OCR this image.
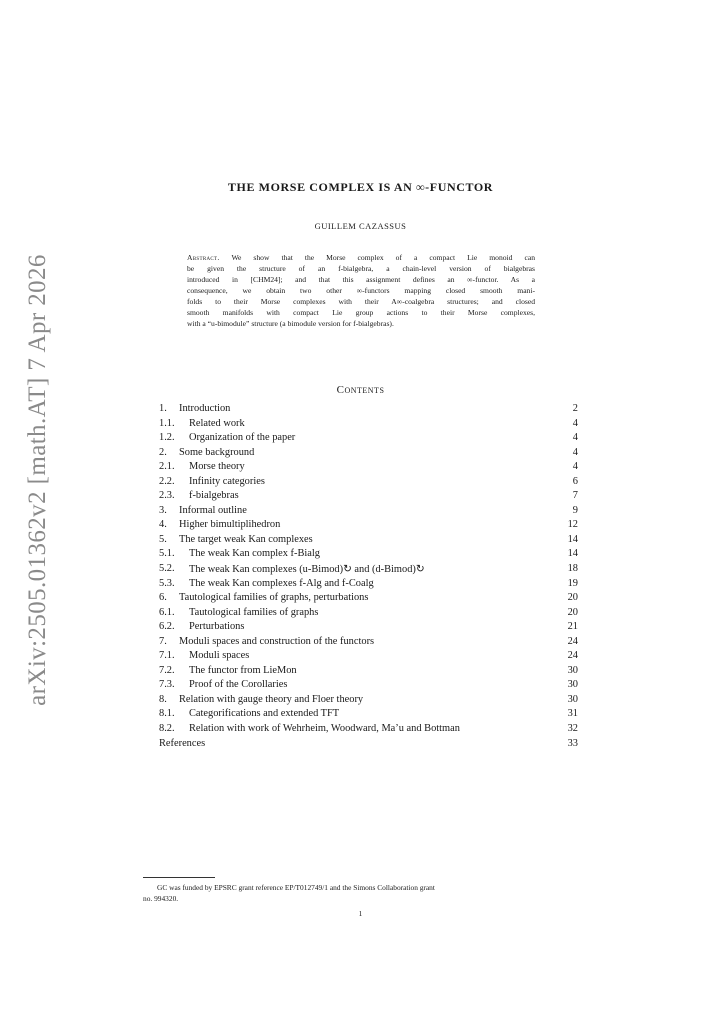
arXiv:2505.01362v2 [math.AT] 7 Apr 2026
THE MORSE COMPLEX IS AN ∞-FUNCTOR
GUILLEM CAZASSUS
Abstract. We show that the Morse complex of a compact Lie monoid can
be given the structure of an f-bialgebra, a chain-level version of bialgebras
introduced in [CHM24]; and that this assignment defines an ∞-functor. As a
consequence, we obtain two other ∞-functors mapping closed smooth mani-
folds to their Morse complexes with their A∞-coalgebra structures; and closed
smooth manifolds with compact Lie group actions to their Morse complexes,
with a “u-bimodule” structure (a bimodule version for f-bialgebras).
Contents
1.	Introduction	2
1.1.	Related work	4
1.2.	Organization of the paper	4
2.	Some background	4
2.1.	Morse theory	4
2.2.	Infinity categories	6
2.3.	f-bialgebras	7
3.	Informal outline	9
4.	Higher bimultiplihedron	12
5.	The target weak Kan complexes	14
5.1.	The weak Kan complex f-Bialg	14
5.2.	The weak Kan complexes (u-Bimod)↻ and (d-Bimod)↻	18
5.3.	The weak Kan complexes f-Alg and f-Coalg	19
6.	Tautological families of graphs, perturbations	20
6.1.	Tautological families of graphs	20
6.2.	Perturbations	21
7.	Moduli spaces and construction of the functors	24
7.1.	Moduli spaces	24
7.2.	The functor from LieMon	30
7.3.	Proof of the Corollaries	30
8.	Relation with gauge theory and Floer theory	30
8.1.	Categorifications and extended TFT	31
8.2.	Relation with work of Wehrheim, Woodward, Ma’u and Bottman	32
References	33
GC was funded by EPSRC grant reference EP/T012749/1 and the Simons Collaboration grant
no. 994320.
1
